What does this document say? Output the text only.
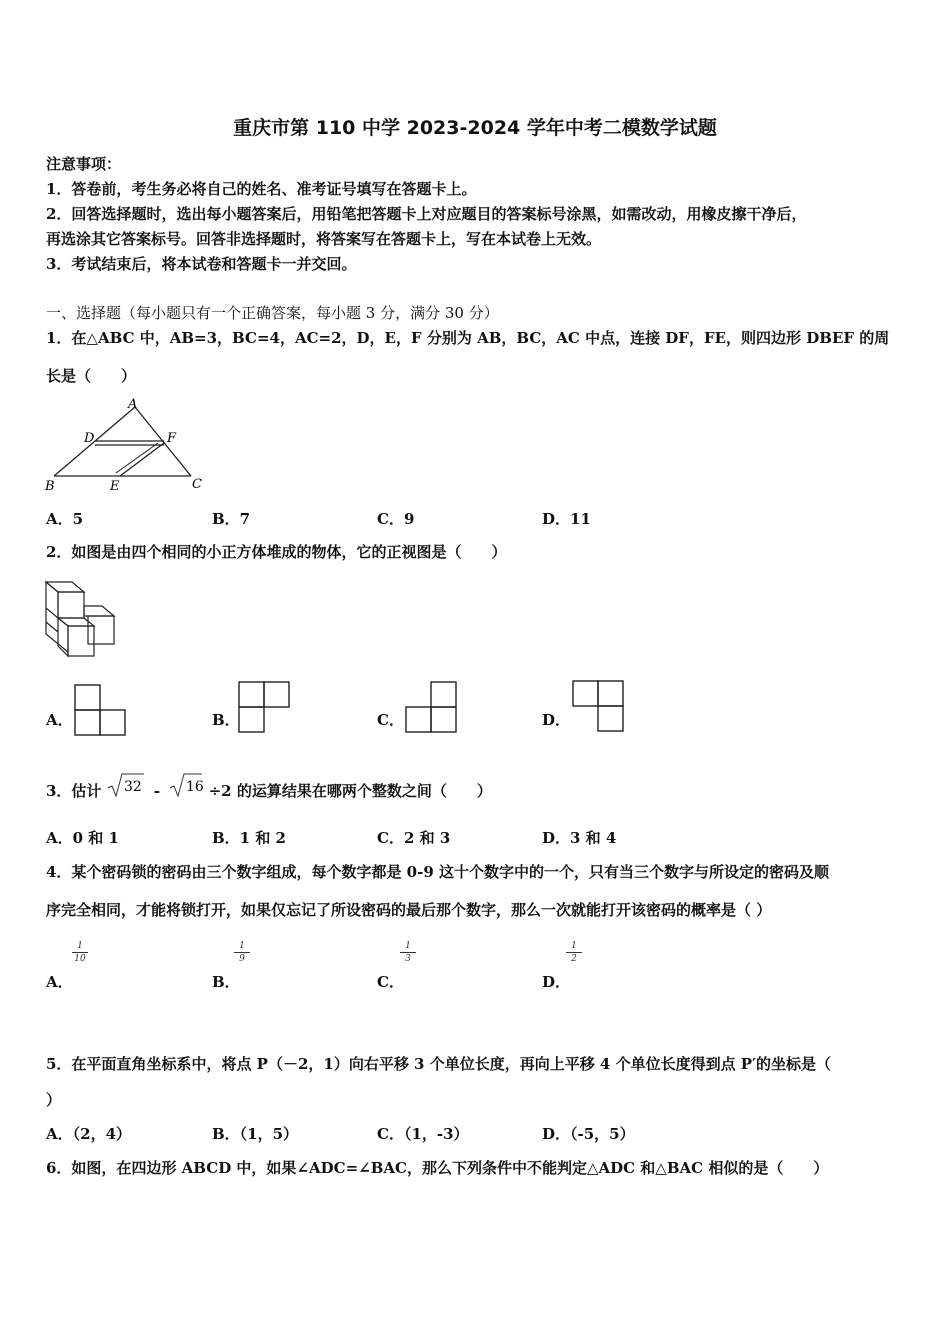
重庆市第 110 中学 2023-2024 学年中考二模数学试题
注意事项：
1．答卷前，考生务必将自己的姓名、准考证号填写在答题卡上。
2．回答选择题时，选出每小题答案后，用铅笔把答题卡上对应题目的答案标号涂黑，如需改动，用橡皮擦干净后，
再选涂其它答案标号。回答非选择题时，将答案写在答题卡上，写在本试卷上无效。
3．考试结束后，将本试卷和答题卡一并交回。
一、选择题（每小题只有一个正确答案，每小题 3 分，满分 30 分）
1．在△ABC 中，AB=3，BC=4，AC=2，D，E，F 分别为 AB，BC，AC 中点，连接 DF，FE，则四边形 DBEF 的周
长是（　　）
A
D	F
B	E	C
A．5	B．7	C．9	D．11
2．如图是由四个相同的小正方体堆成的物体，它的正视图是（　　）
A．	B．	C．	D．
3．估计 32 - 16 ÷2 的运算结果在哪两个整数之间（　　）
A．0 和 1	B．1 和 2	C．2 和 3	D．3 和 4
4．某个密码锁的密码由三个数字组成，每个数字都是 0-9 这十个数字中的一个，只有当三个数字与所设定的密码及顺
序完全相同，才能将锁打开，如果仅忘记了所设密码的最后那个数字，那么一次就能打开该密码的概率是（ ）
$\frac{1}{10}$	$\frac{1}{9}$	$\frac{1}{3}$	$\frac{1}{2}$
A．	B．	C．	D．
5．在平面直角坐标系中，将点 P（－2，1）向右平移 3 个单位长度，再向上平移 4 个单位长度得到点 P′的坐标是（
）
A．（2，4）	B．（1，5）	C．（1，-3）	D．（-5，5）
6．如图，在四边形 ABCD 中，如果∠ADC=∠BAC，那么下列条件中不能判定△ADC 和△BAC 相似的是（　　）
